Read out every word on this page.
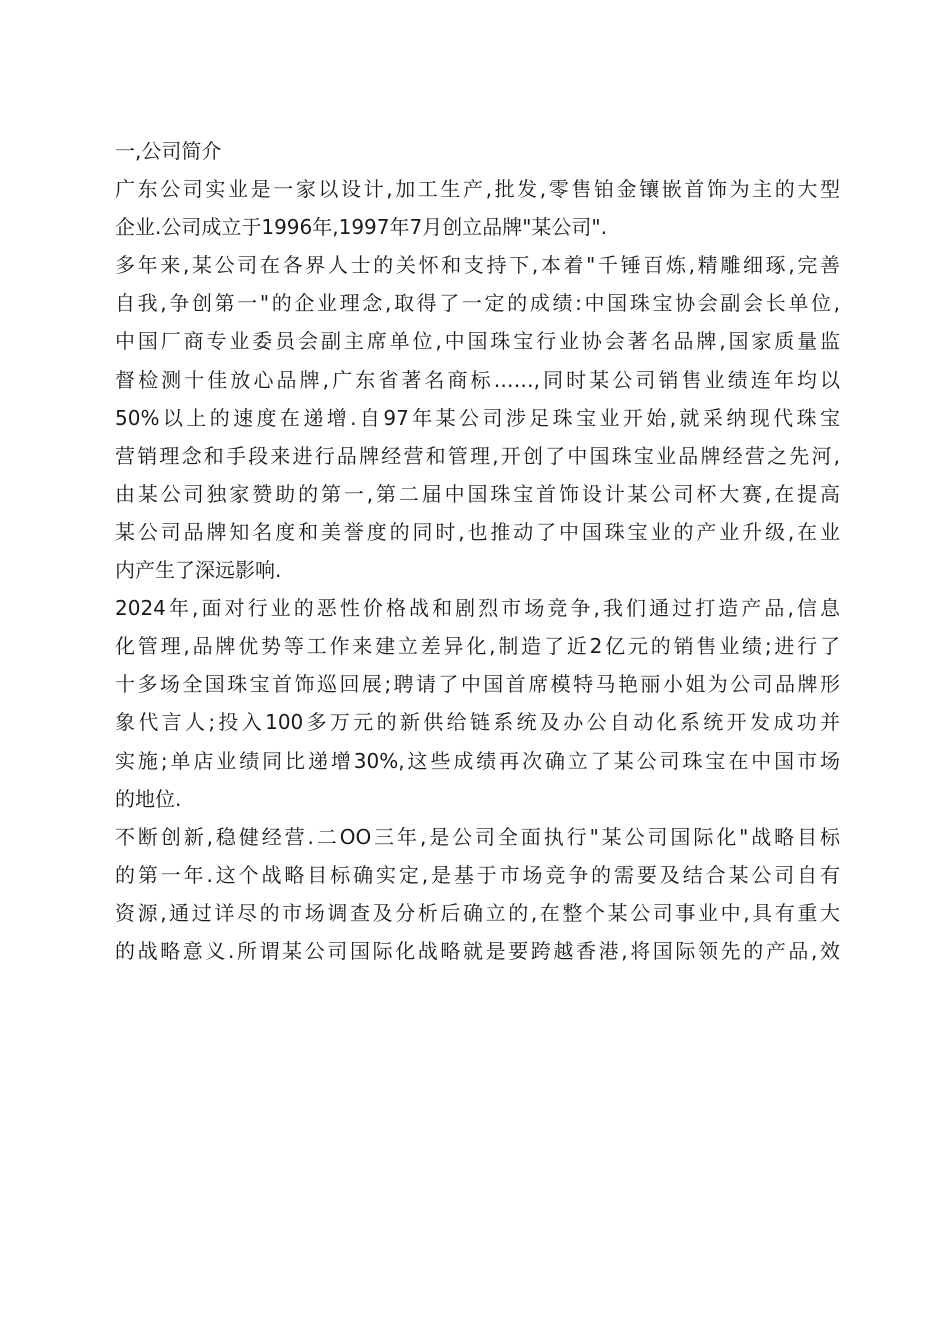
一,公司简介
广东公司实业是一家以设计,加工生产,批发,零售铂金镶嵌首饰为主的大型
企业.公司成立于1996年,1997年7月创立品牌"某公司".
多年来,某公司在各界人士的关怀和支持下,本着"千锤百炼,精雕细琢,完善
自我,争创第一"的企业理念,取得了一定的成绩:中国珠宝协会副会长单位,
中国厂商专业委员会副主席单位,中国珠宝行业协会著名品牌,国家质量监
督检测十佳放心品牌,广东省著名商标……,同时某公司销售业绩连年均以
50%以上的速度在递增.自97年某公司涉足珠宝业开始,就采纳现代珠宝
营销理念和手段来进行品牌经营和管理,开创了中国珠宝业品牌经营之先河,
由某公司独家赞助的第一,第二届中国珠宝首饰设计某公司杯大赛,在提高
某公司品牌知名度和美誉度的同时,也推动了中国珠宝业的产业升级,在业
内产生了深远影响.
2024年,面对行业的恶性价格战和剧烈市场竞争,我们通过打造产品,信息
化管理,品牌优势等工作来建立差异化,制造了近2亿元的销售业绩;进行了
十多场全国珠宝首饰巡回展;聘请了中国首席模特马艳丽小姐为公司品牌形
象代言人;投入100多万元的新供给链系统及办公自动化系统开发成功并
实施;单店业绩同比递增30%,这些成绩再次确立了某公司珠宝在中国市场
的地位.
不断创新,稳健经营.二OO三年,是公司全面执行"某公司国际化"战略目标
的第一年.这个战略目标确实定,是基于市场竞争的需要及结合某公司自有
资源,通过详尽的市场调查及分析后确立的,在整个某公司事业中,具有重大
的战略意义.所谓某公司国际化战略就是要跨越香港,将国际领先的产品,效
